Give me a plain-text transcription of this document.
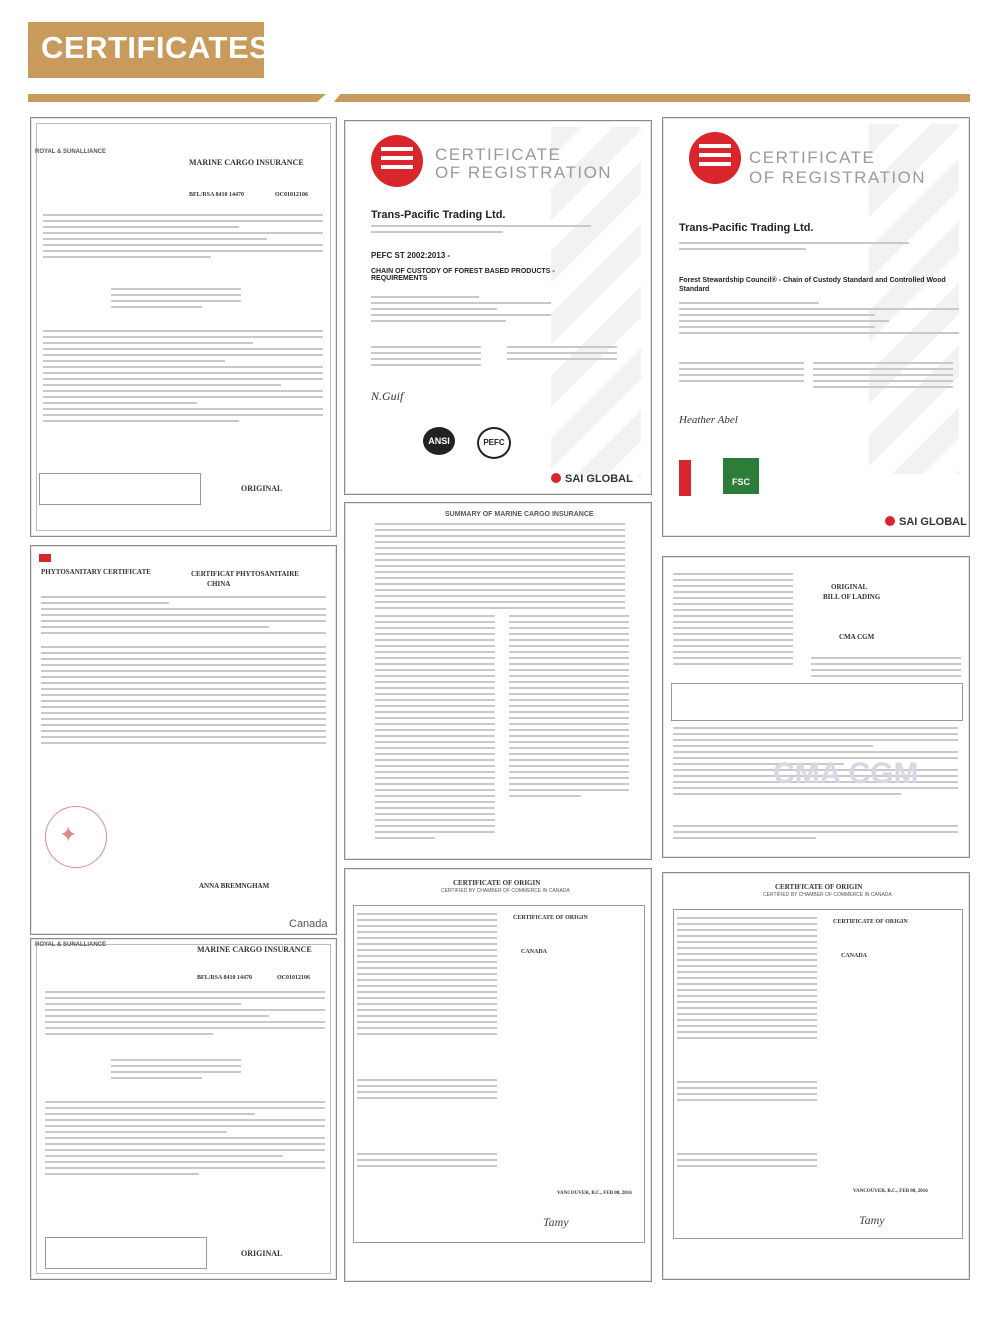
CERTIFICATES
ROYAL & SUNALLIANCE
MARINE CARGO INSURANCE
BFL/RSA 8410 14470	OC01012106
ORIGINAL
CERTIFICATE
OF REGISTRATION
Trans-Pacific Trading Ltd.
PEFC ST 2002:2013 -
CHAIN OF CUSTODY OF FOREST BASED PRODUCTS - REQUIREMENTS
N.Guif
ANSI	PEFC
SAI GLOBAL
CERTIFICATE
OF REGISTRATION
Trans-Pacific Trading Ltd.
Forest Stewardship Council® - Chain of Custody Standard and Controlled Wood Standard
Heather Abel
FSC
SAI GLOBAL
PHYTOSANITARY CERTIFICATE	CERTIFICAT PHYTOSANITAIRE
CHINA
✦
ANNA BREMNGHAM
Canada
SUMMARY OF MARINE CARGO INSURANCE
ORIGINAL
BILL OF LADING
CMA CGM
CMA CGM
ROYAL & SUNALLIANCE	MARINE CARGO INSURANCE
BFL/RSA 8410 14470	OC01012106
ORIGINAL
CERTIFICATE OF ORIGIN
CERTIFIED BY CHAMBER OF COMMERCE IN CANADA
CERTIFICATE OF ORIGIN
CANADA
VANCOUVER, B.C., FEB 08, 2016
Tamy
CERTIFICATE OF ORIGIN
CERTIFIED BY CHAMBER OF COMMERCE IN CANADA
CERTIFICATE OF ORIGIN
CANADA
VANCOUVER, B.C., FEB 08, 2016
Tamy
